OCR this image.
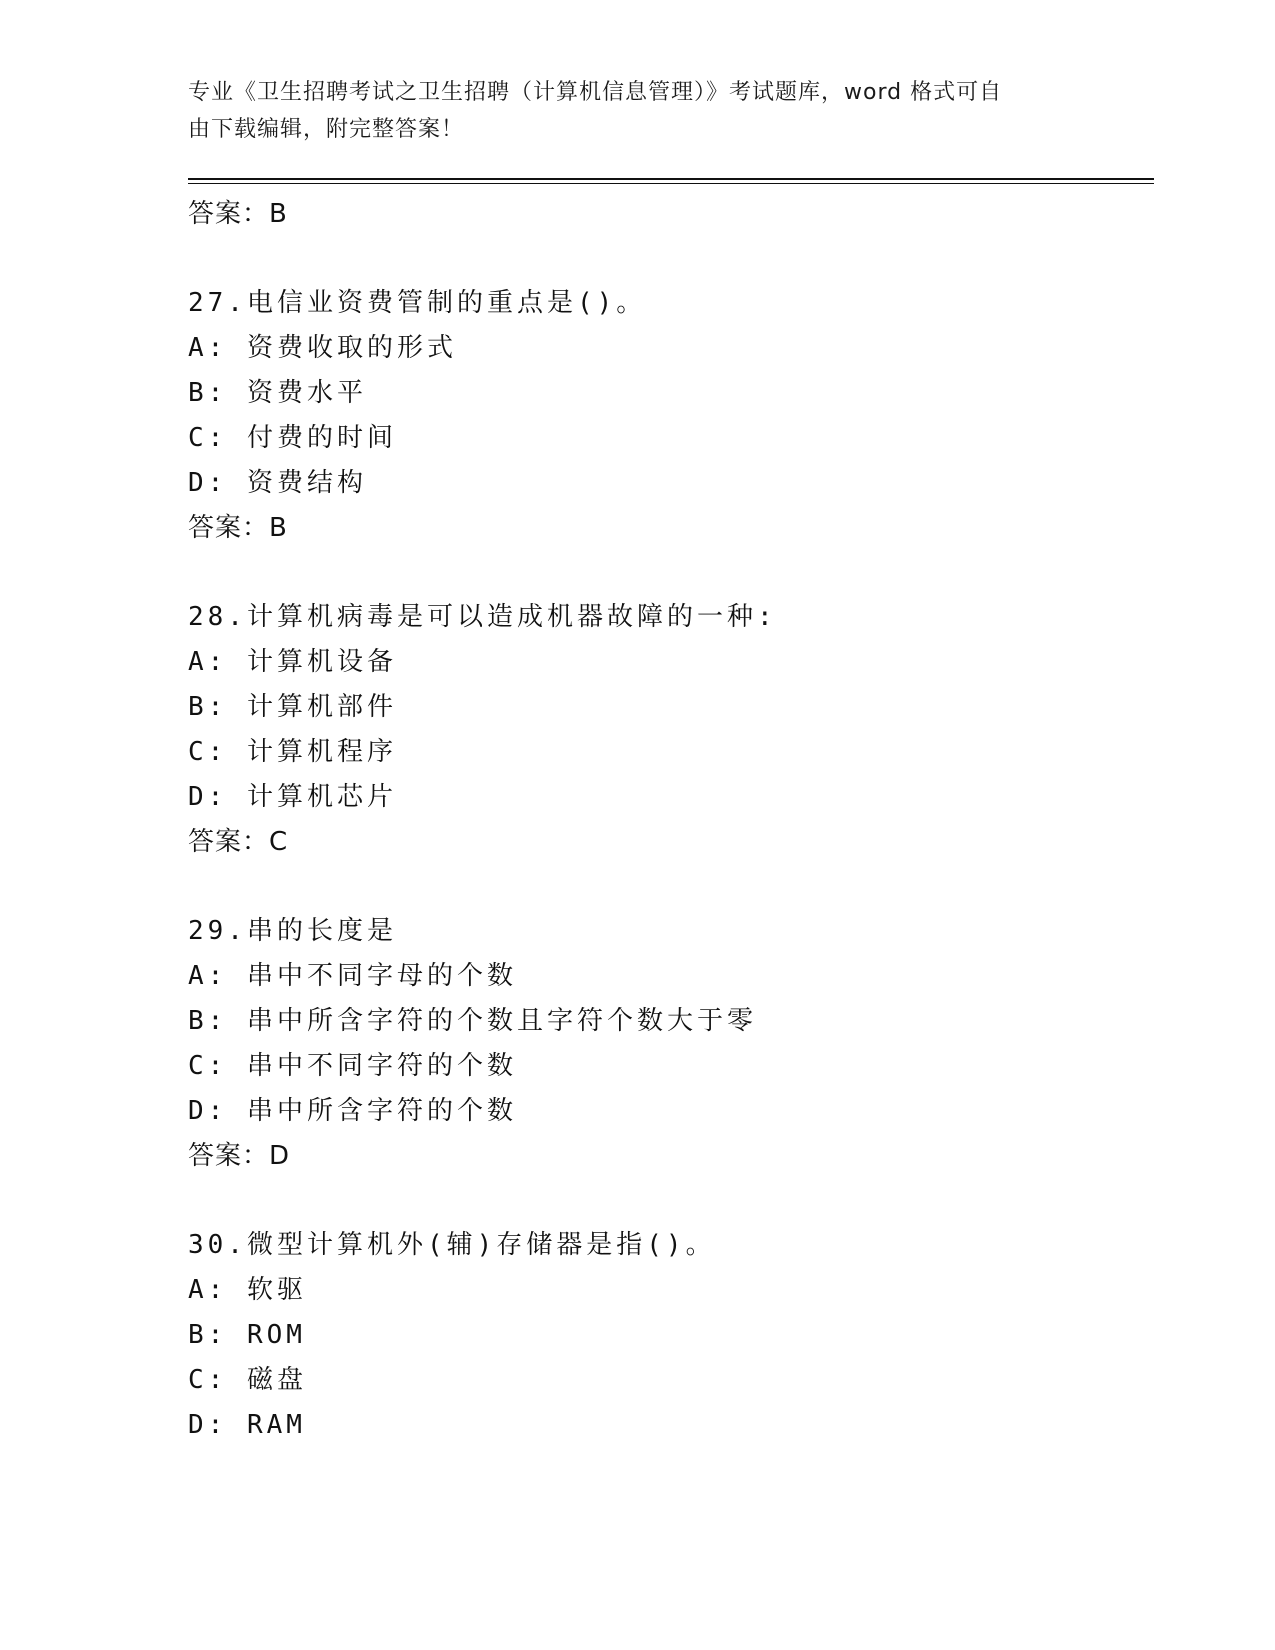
专业《卫生招聘考试之卫生招聘（计算机信息管理）》考试题库，word 格式可自
由下载编辑，附完整答案！
答案：B
27.电信业资费管制的重点是()。
A: 资费收取的形式
B: 资费水平
C: 付费的时间
D: 资费结构
答案：B
28.计算机病毒是可以造成机器故障的一种:
A: 计算机设备
B: 计算机部件
C: 计算机程序
D: 计算机芯片
答案：C
29.串的长度是
A: 串中不同字母的个数
B: 串中所含字符的个数且字符个数大于零
C: 串中不同字符的个数
D: 串中所含字符的个数
答案：D
30.微型计算机外(辅)存储器是指()。
A: 软驱
B: ROM
C: 磁盘
D: RAM
